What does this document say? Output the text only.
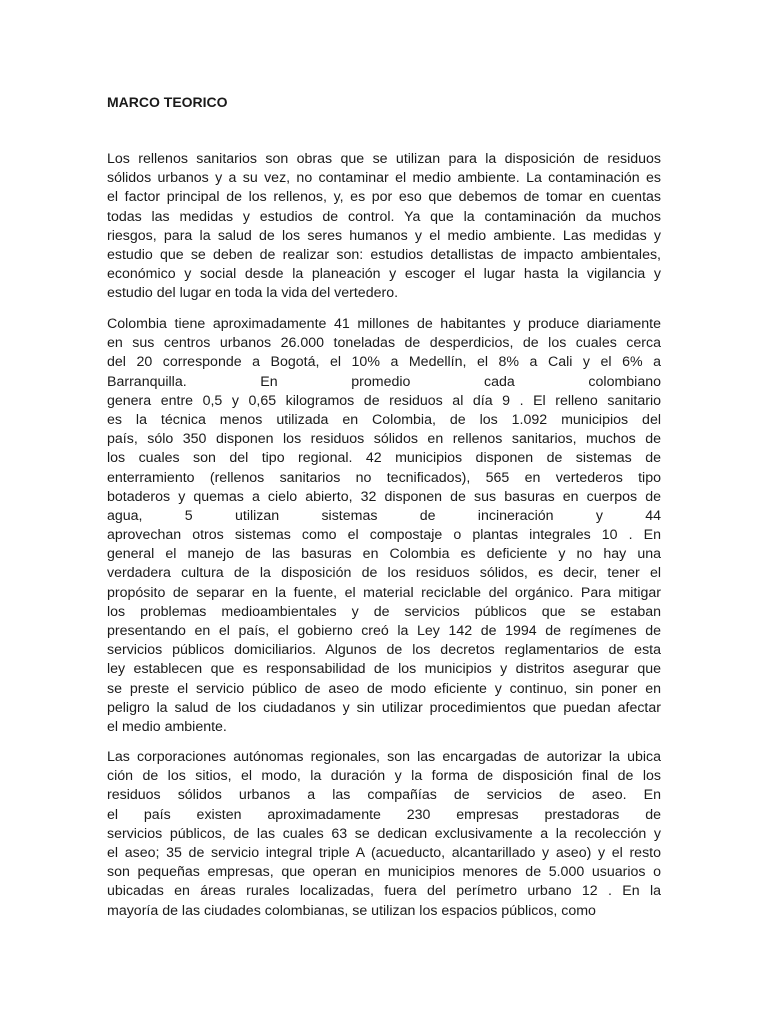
MARCO TEORICO
Los rellenos sanitarios son obras que se utilizan para la disposición de residuos
sólidos urbanos y a su vez, no contaminar el medio ambiente. La contaminación es
el factor principal de los rellenos, y, es por eso que debemos de tomar en cuentas
todas las medidas y estudios de control. Ya que la contaminación da muchos
riesgos, para la salud de los seres humanos y el medio ambiente. Las medidas y
estudio que se deben de realizar son: estudios detallistas de impacto ambientales,
económico y social desde la planeación y escoger el lugar hasta la vigilancia y
estudio del lugar en toda la vida del vertedero.
Colombia tiene aproximadamente 41 millones de habitantes y produce diariamente
en sus centros urbanos 26.000 toneladas de desperdicios, de los cuales cerca
del 20 corresponde a Bogotá, el 10% a Medellín, el 8% a Cali y el 6% a
Barranquilla. En promedio cada colombiano
genera entre 0,5 y 0,65 kilogramos de residuos al día 9 . El relleno sanitario
es la técnica menos utilizada en Colombia, de los 1.092 municipios del
país, sólo 350 disponen los residuos sólidos en rellenos sanitarios, muchos de
los cuales son del tipo regional. 42 municipios disponen de sistemas de
enterramiento (rellenos sanitarios no tecnificados), 565 en vertederos tipo
botaderos y quemas a cielo abierto, 32 disponen de sus basuras en cuerpos de
agua, 5 utilizan sistemas de incineración y 44
aprovechan otros sistemas como el compostaje o plantas integrales 10 . En
general el manejo de las basuras en Colombia es deficiente y no hay una
verdadera cultura de la disposición de los residuos sólidos, es decir, tener el
propósito de separar en la fuente, el material reciclable del orgánico. Para mitigar
los problemas medioambientales y de servicios públicos que se estaban
presentando en el país, el gobierno creó la Ley 142 de 1994 de regímenes de
servicios públicos domiciliarios. Algunos de los decretos reglamentarios de esta
ley establecen que es responsabilidad de los municipios y distritos asegurar que
se preste el servicio público de aseo de modo eficiente y continuo, sin poner en
peligro la salud de los ciudadanos y sin utilizar procedimientos que puedan afectar
el medio ambiente.
Las corporaciones autónomas regionales, son las encargadas de autorizar la ubica
ción de los sitios, el modo, la duración y la forma de disposición final de los
residuos sólidos urbanos a las compañías de servicios de aseo. En
el país existen aproximadamente 230 empresas prestadoras de
servicios públicos, de las cuales 63 se dedican exclusivamente a la recolección y
el aseo; 35 de servicio integral triple A (acueducto, alcantarillado y aseo) y el resto
son pequeñas empresas, que operan en municipios menores de 5.000 usuarios o
ubicadas en áreas rurales localizadas, fuera del perímetro urbano 12 . En la
mayoría de las ciudades colombianas, se utilizan los espacios públicos, como
